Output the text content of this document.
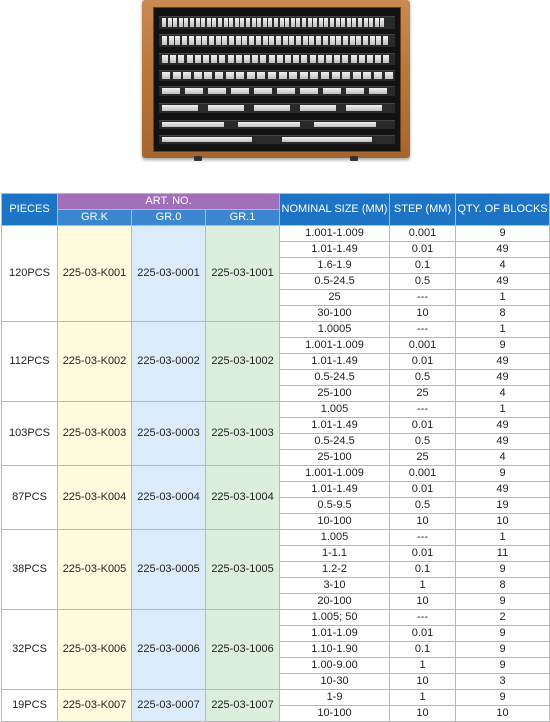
PIECES	ART. NO.			NOMINAL SIZE (MM)	STEP (MM)	QTY. OF BLOCKS
	GR.K	GR.0	GR.1			
120PCS	225-03-K001	225-03-0001	225-03-1001	1.001-1.009	0.001	9
				1.01-1.49	0.01	49
				1.6-1.9	0.1	4
				0.5-24.5	0.5	49
				25	---	1
				30-100	10	8
112PCS	225-03-K002	225-03-0002	225-03-1002	1.0005	---	1
				1.001-1.009	0.001	9
				1.01-1.49	0.01	49
				0.5-24.5	0.5	49
				25-100	25	4
103PCS	225-03-K003	225-03-0003	225-03-1003	1.005	---	1
				1.01-1.49	0.01	49
				0.5-24.5	0.5	49
				25-100	25	4
87PCS	225-03-K004	225-03-0004	225-03-1004	1.001-1.009	0.001	9
				1.01-1.49	0.01	49
				0.5-9.5	0.5	19
				10-100	10	10
38PCS	225-03-K005	225-03-0005	225-03-1005	1.005	---	1
				1-1.1	0.01	11
				1.2-2	0.1	9
				3-10	1	8
				20-100	10	9
32PCS	225-03-K006	225-03-0006	225-03-1006	1.005; 50	---	2
				1.01-1.09	0.01	9
				1.10-1.90	0.1	9
				1.00-9.00	1	9
				10-30	10	3
19PCS	225-03-K007	225-03-0007	225-03-1007	1-9	1	9
				10-100	10	10
